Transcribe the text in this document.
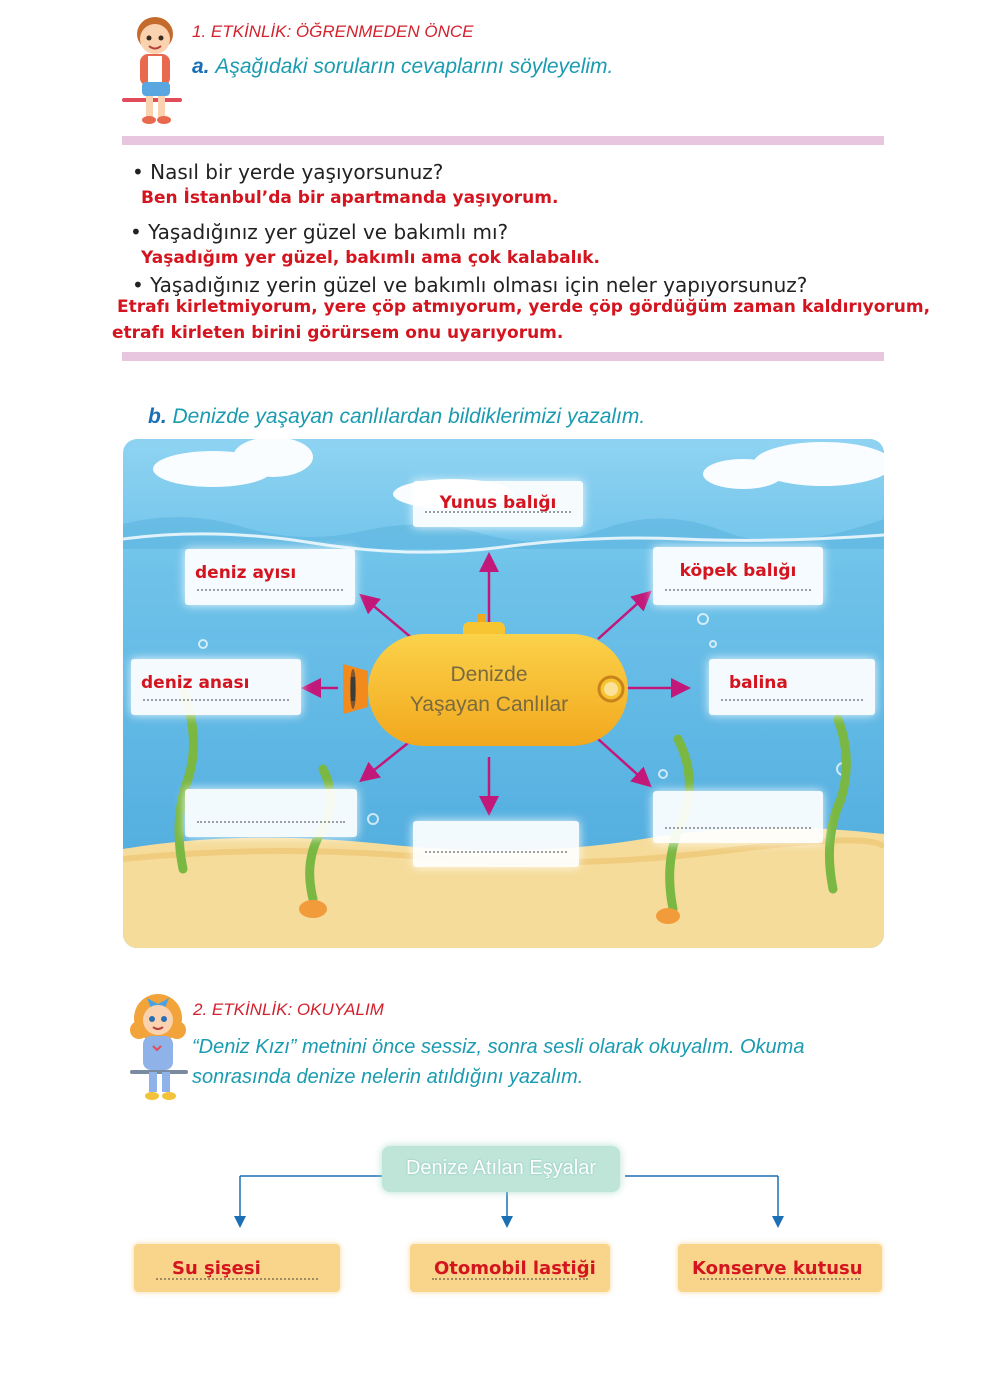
1. ETKİNLİK: ÖĞRENMEDEN ÖNCE
a. Aşağıdaki soruların cevaplarını söyleyelim.
• Nasıl bir yerde yaşıyorsunuz?
Ben İstanbul’da bir apartmanda yaşıyorum.
• Yaşadığınız yer güzel ve bakımlı mı?
Yaşadığım yer güzel, bakımlı ama çok kalabalık.
• Yaşadığınız yerin güzel ve bakımlı olması için neler yapıyorsunuz?
Etrafı kirletmiyorum, yere çöp atmıyorum, yerde çöp gördüğüm zaman kaldırıyorum,
etrafı kirleten birini görürsem onu uyarıyorum.
b. Denizde yaşayan canlılardan bildiklerimizi yazalım.
Denizde
Yaşayan Canlılar
Yunus balığı
deniz ayısı	köpek balığı
deniz anası	balina
2. ETKİNLİK: OKUYALIM
“Deniz Kızı” metnini önce sessiz, sonra sesli olarak okuyalım. Okuma
sonrasında denize nelerin atıldığını yazalım.
Denize Atılan Eşyalar
Su şişesi	Otomobil lastiği	Konserve kutusu
